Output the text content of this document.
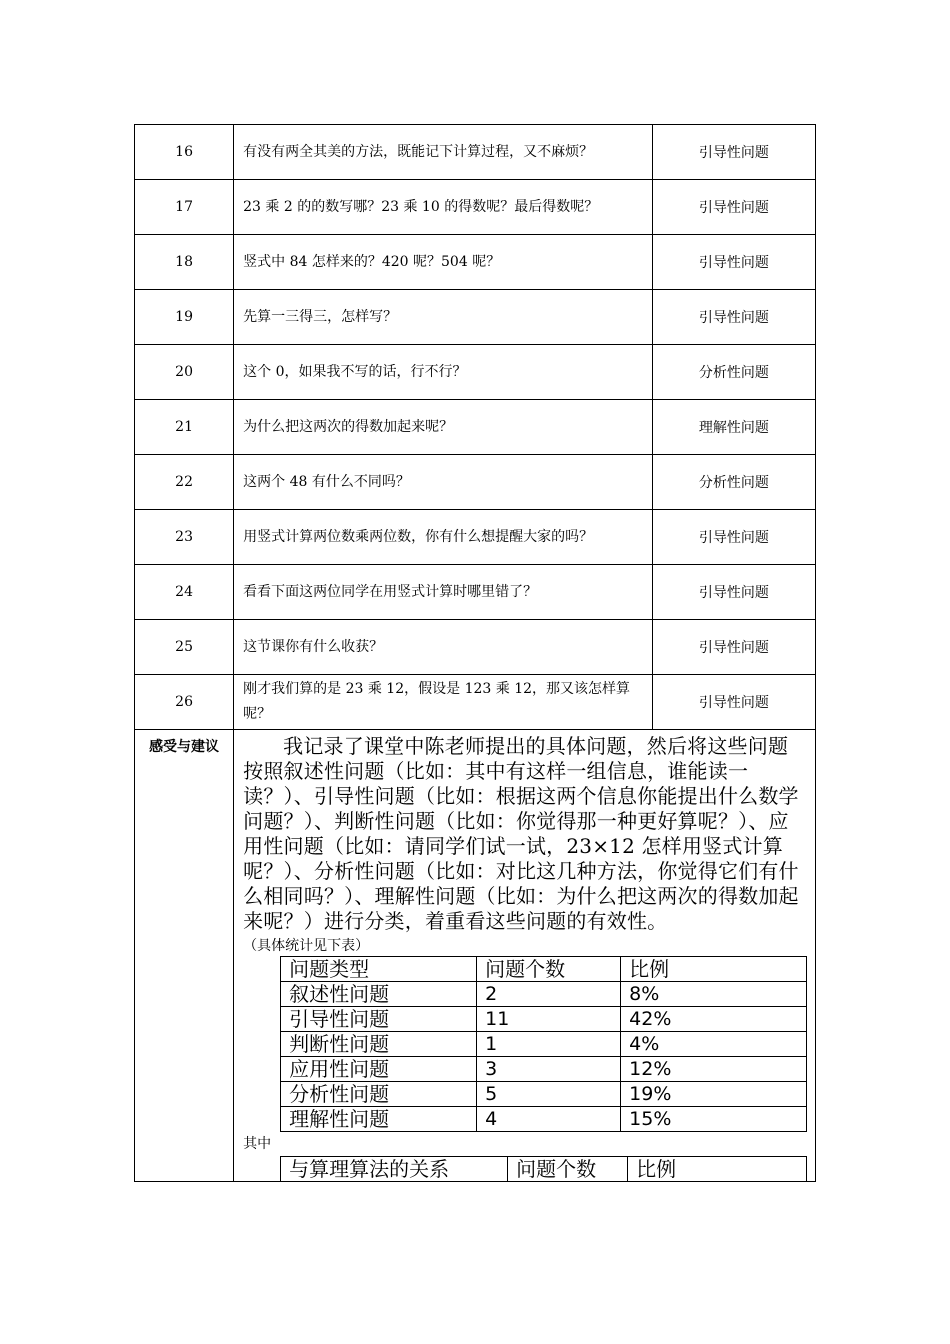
16	有没有两全其美的方法，既能记下计算过程，又不麻烦？	引导性问题
17	23 乘 2 的的数写哪？23 乘 10 的得数呢？最后得数呢？	引导性问题
18	竖式中 84 怎样来的？420 呢？504 呢？	引导性问题
19	先算一三得三，怎样写？	引导性问题
20	这个 0，如果我不写的话，行不行？	分析性问题
21	为什么把这两次的得数加起来呢？	理解性问题
22	这两个 48 有什么不同吗？	分析性问题
23	用竖式计算两位数乘两位数，你有什么想提醒大家的吗？	引导性问题
24	看看下面这两位同学在用竖式计算时哪里错了？	引导性问题
25	这节课你有什么收获？	引导性问题
26	刚才我们算的是 23 乘 12，假设是 123 乘 12，那又该怎样算呢？	引导性问题
感受与建议	我记录了课堂中陈老师提出的具体问题，然后将这些问题按照叙述性问题（比如：其中有这样一组信息，谁能读一读？）、引导性问题（比如：根据这两个信息你能提出什么数学问题？）、判断性问题（比如：你觉得那一种更好算呢？）、应用性问题（比如：请同学们试一试，23×12 怎样用竖式计算呢？）、分析性问题（比如：对比这几种方法，你觉得它们有什么相同吗？）、理解性问题（比如：为什么把这两次的得数加起来呢？）进行分类，着重看这些问题的有效性。

（具体统计见下表）

问题类型	问题个数	比例
叙述性问题	2	8%
引导性问题	11	42%
判断性问题	1	4%
应用性问题	3	12%
分析性问题	5	19%
理解性问题	4	15%

其中

与算理算法的关系	问题个数	比例
